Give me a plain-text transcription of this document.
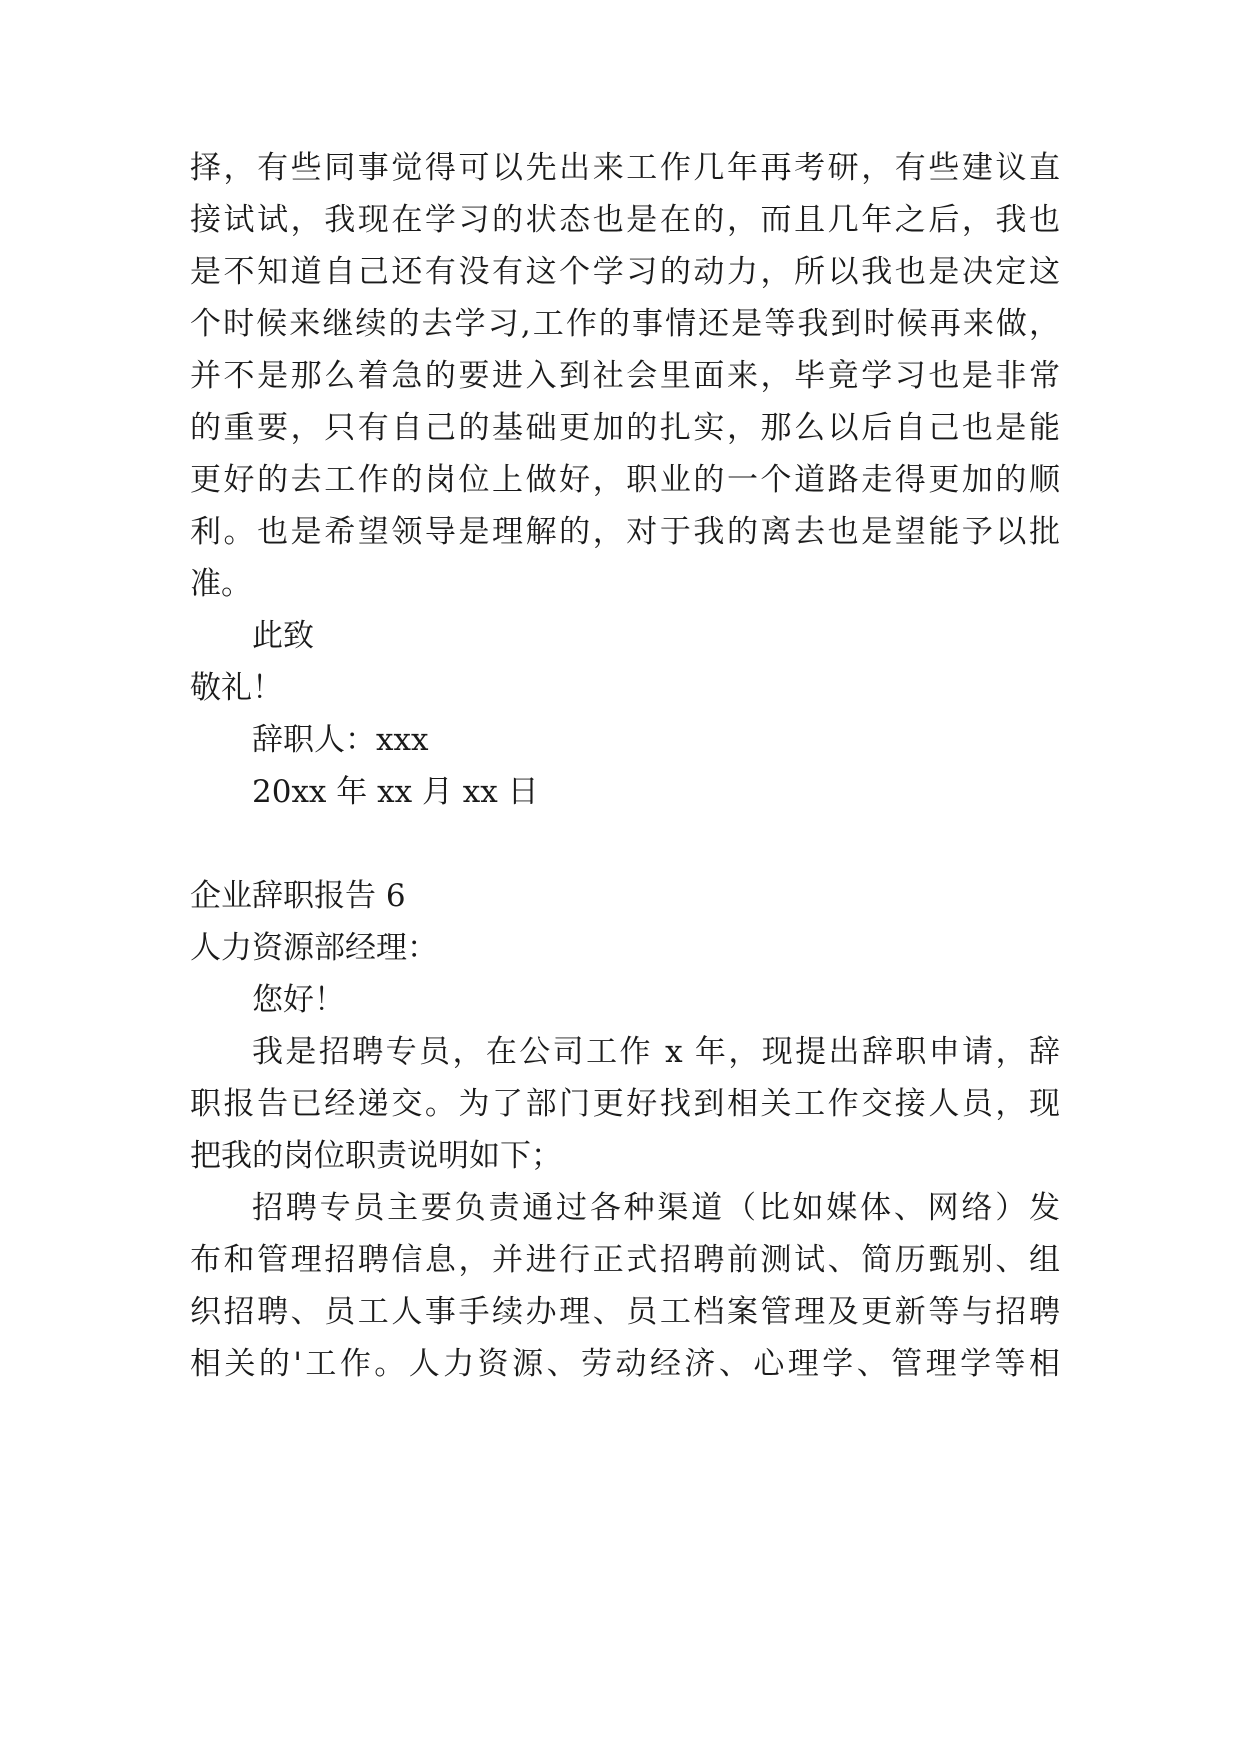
择，有些同事觉得可以先出来工作几年再考研，有些建议直
接试试，我现在学习的状态也是在的，而且几年之后，我也
是不知道自己还有没有这个学习的动力，所以我也是决定这
个时候来继续的去学习,工作的事情还是等我到时候再来做，
并不是那么着急的要进入到社会里面来，毕竟学习也是非常
的重要，只有自己的基础更加的扎实，那么以后自己也是能
更好的去工作的岗位上做好，职业的一个道路走得更加的顺
利。也是希望领导是理解的，对于我的离去也是望能予以批
准。
此致
敬礼！
辞职人：xxx
20xx 年 xx 月 xx 日
企业辞职报告 6
人力资源部经理：
您好！
我是招聘专员，在公司工作 x 年，现提出辞职申请，辞
职报告已经递交。为了部门更好找到相关工作交接人员，现
把我的岗位职责说明如下；
招聘专员主要负责通过各种渠道（比如媒体、网络）发
布和管理招聘信息，并进行正式招聘前测试、简历甄别、组
织招聘、员工人事手续办理、员工档案管理及更新等与招聘
相关的'工作。人力资源、劳动经济、心理学、管理学等相
